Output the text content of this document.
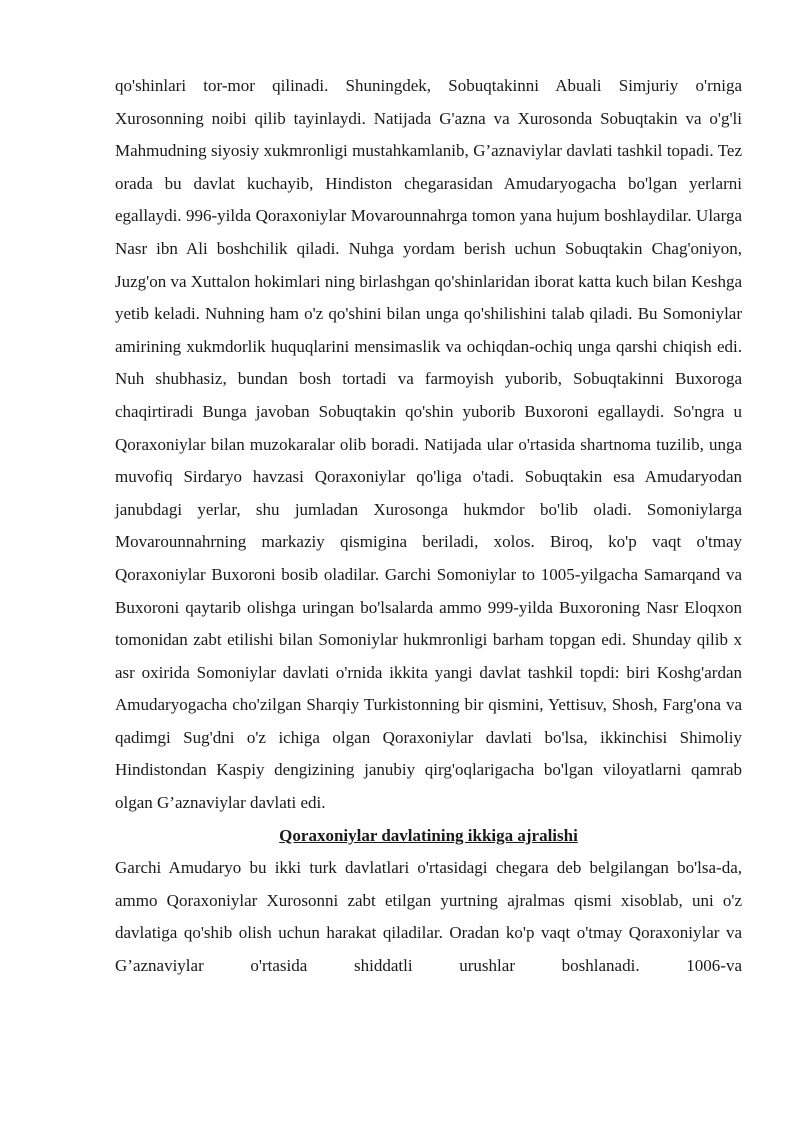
qo'shinlari tor-mor qilinadi. Shuningdek, Sobuqtakinni Abuali Simjuriy o'rniga Xurosonning noibi qilib tayinlaydi. Natijada G'azna va Xurosonda Sobuqtakin va o'g'li Mahmudning siyosiy xukmronligi mustahkamlanib, G’aznaviylar davlati tashkil topadi. Tez orada bu davlat kuchayib, Hindiston chegarasidan Amudaryogacha bo'lgan yerlarni egallaydi. 996-yilda Qoraxoniylar Movarounnahrga tomon yana hujum boshlaydilar. Ularga Nasr ibn Ali boshchilik qiladi. Nuhga yordam berish uchun Sobuqtakin Chag'oniyon, Juzg'on va Xuttalon hokimlari ning birlashgan qo'shinlaridan iborat katta kuch bilan Keshga yetib keladi. Nuhning ham o'z qo'shini bilan unga qo'shilishini talab qiladi. Bu Somoniylar amirining xukmdorlik huquqlarini mensimaslik va ochiqdan-ochiq unga qarshi chiqish edi. Nuh shubhasiz, bundan bosh tortadi va farmoyish yuborib, Sobuqtakinni Buxoroga chaqirtiradi Bunga javoban Sobuqtakin qo'shin yuborib Buxoroni egallaydi. So'ngra u Qoraxoniylar bilan muzokaralar olib boradi. Natijada ular o'rtasida shartnoma tuzilib, unga muvofiq Sirdaryo havzasi Qoraxoniylar qo'liga o'tadi. Sobuqtakin esa Amudaryodan janubdagi yerlar, shu jumladan Xurosonga hukmdor bo'lib oladi. Somoniylarga Movarounnahrning markaziy qismigina beriladi, xolos. Biroq, ko'p vaqt o'tmay Qoraxoniylar Buxoroni bosib oladilar. Garchi Somoniylar to 1005-yilgacha Samarqand va Buxoroni qaytarib olishga uringan bo'lsalarda ammo 999-yilda Buxoroning Nasr Eloqxon tomonidan zabt etilishi bilan Somoniylar hukmronligi barham topgan edi. Shunday qilib x asr oxirida Somoniylar davlati o'rnida ikkita yangi davlat tashkil topdi: biri Koshg'ardan Amudaryogacha cho'zilgan Sharqiy Turkistonning bir qismini, Yettisuv, Shosh, Farg'ona va qadimgi Sug'dni o'z ichiga olgan Qoraxoniylar davlati bo'lsa, ikkinchisi Shimoliy Hindistondan Kaspiy dengizining janubiy qirg'oqlarigacha bo'lgan viloyatlarni qamrab olgan G’aznaviylar davlati edi.

Qoraxoniylar davlatining ikkiga ajralishi

Garchi Amudaryo bu ikki turk davlatlari o'rtasidagi chegara deb belgilangan bo'lsa-da, ammo Qoraxoniylar Xurosonni zabt etilgan yurtning ajralmas qismi xisoblab, uni o'z davlatiga qo'shib olish uchun harakat qiladilar. Oradan ko'p vaqt o'tmay Qoraxoniylar va G’aznaviylar o'rtasida shiddatli urushlar boshlanadi. 1006-va
